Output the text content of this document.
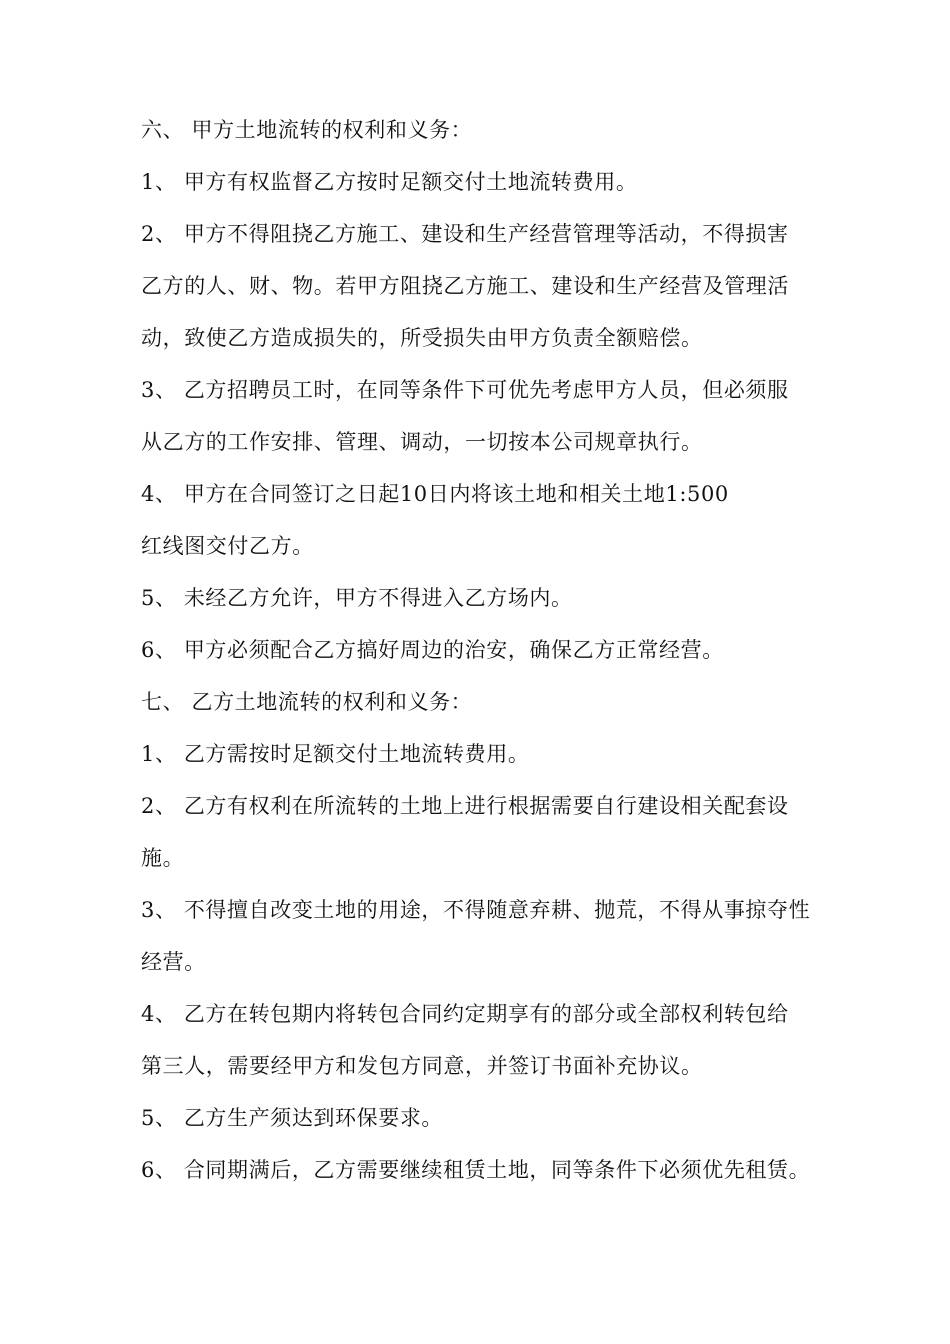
六、 甲方土地流转的权利和义务：
1、 甲方有权监督乙方按时足额交付土地流转费用。
2、 甲方不得阻挠乙方施工、建设和生产经营管理等活动，不得损害
乙方的人、财、物。若甲方阻挠乙方施工、建设和生产经营及管理活
动，致使乙方造成损失的，所受损失由甲方负责全额赔偿。
3、 乙方招聘员工时，在同等条件下可优先考虑甲方人员，但必须服
从乙方的工作安排、管理、调动，一切按本公司规章执行。
4、 甲方在合同签订之日起10日内将该土地和相关土地1:500
红线图交付乙方。
5、 未经乙方允许，甲方不得进入乙方场内。
6、 甲方必须配合乙方搞好周边的治安，确保乙方正常经营。
七、 乙方土地流转的权利和义务：
1、 乙方需按时足额交付土地流转费用。
2、 乙方有权利在所流转的土地上进行根据需要自行建设相关配套设
施。
3、 不得擅自改变土地的用途，不得随意弃耕、抛荒，不得从事掠夺性
经营。
4、 乙方在转包期内将转包合同约定期享有的部分或全部权利转包给
第三人，需要经甲方和发包方同意，并签订书面补充协议。
5、 乙方生产须达到环保要求。
6、 合同期满后，乙方需要继续租赁土地，同等条件下必须优先租赁。
